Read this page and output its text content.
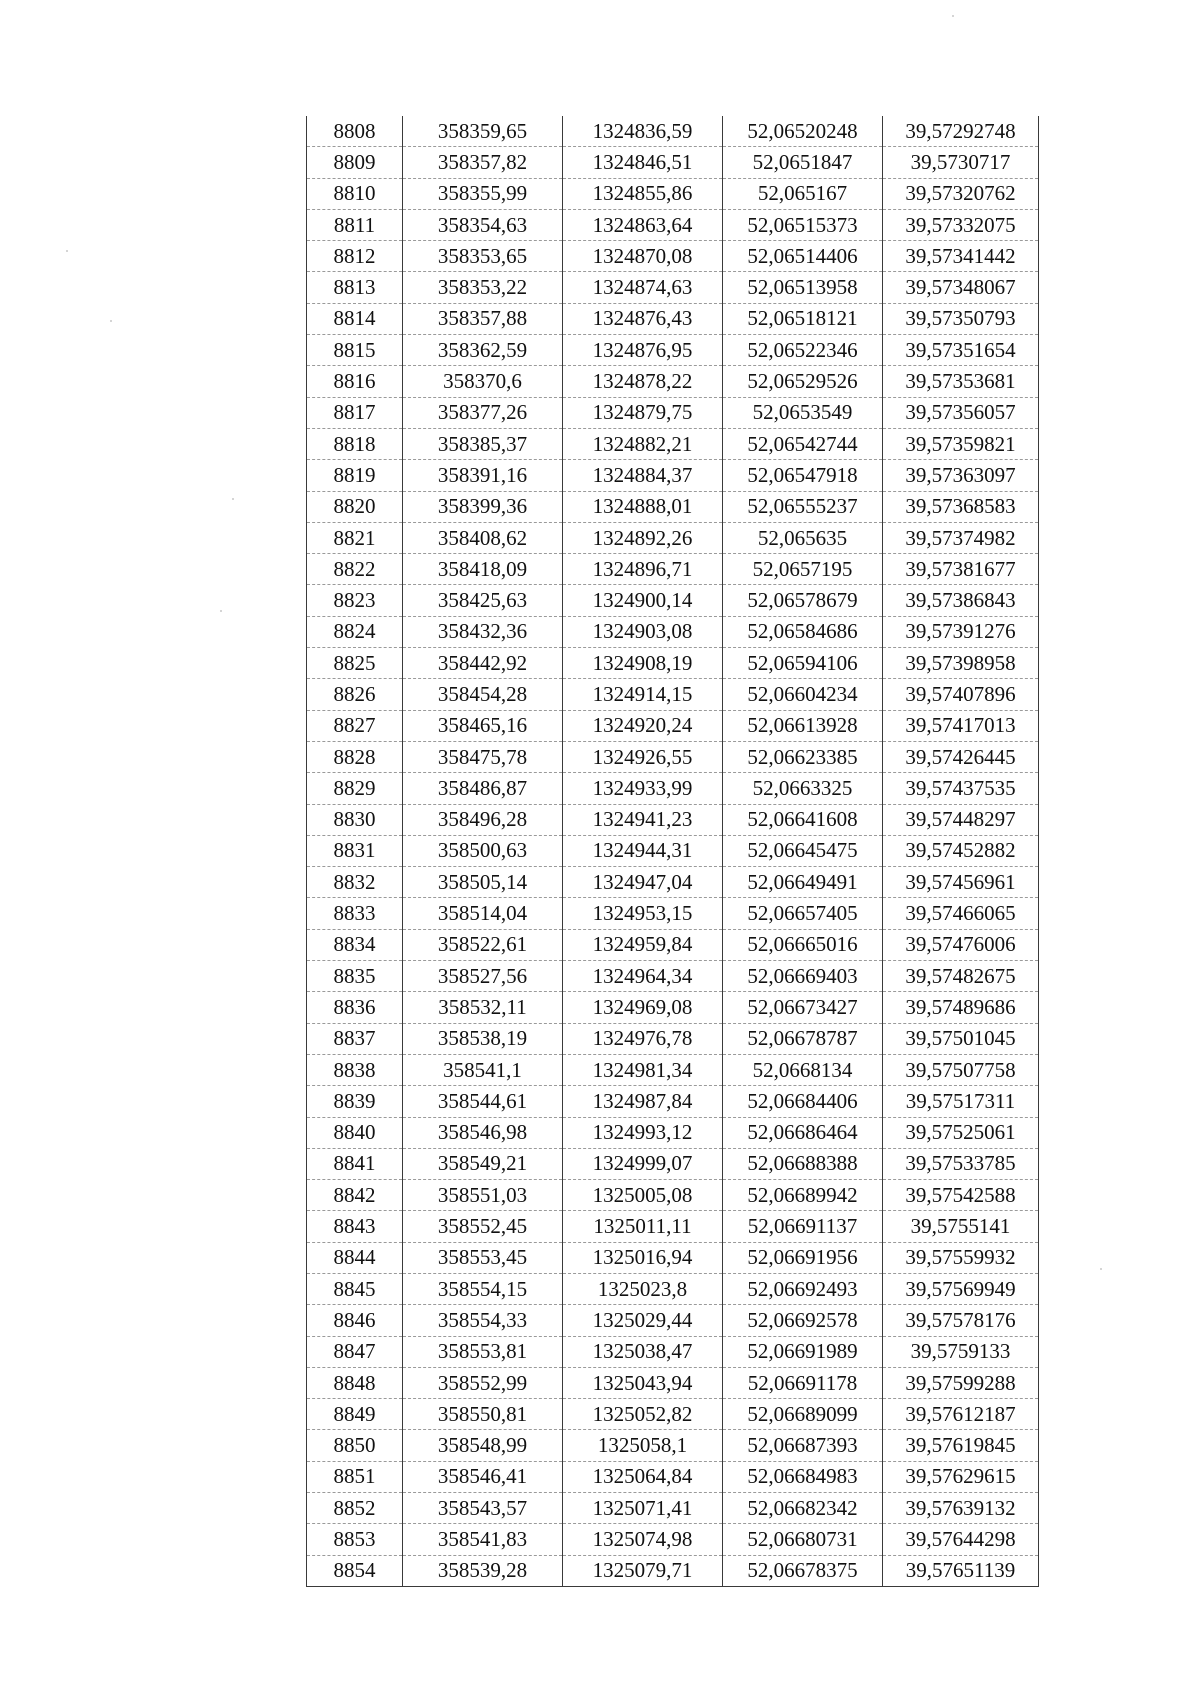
8808	358359,65	1324836,59	52,06520248	39,57292748
8809	358357,82	1324846,51	52,0651847	39,5730717
8810	358355,99	1324855,86	52,065167	39,57320762
8811	358354,63	1324863,64	52,06515373	39,57332075
8812	358353,65	1324870,08	52,06514406	39,57341442
8813	358353,22	1324874,63	52,06513958	39,57348067
8814	358357,88	1324876,43	52,06518121	39,57350793
8815	358362,59	1324876,95	52,06522346	39,57351654
8816	358370,6	1324878,22	52,06529526	39,57353681
8817	358377,26	1324879,75	52,0653549	39,57356057
8818	358385,37	1324882,21	52,06542744	39,57359821
8819	358391,16	1324884,37	52,06547918	39,57363097
8820	358399,36	1324888,01	52,06555237	39,57368583
8821	358408,62	1324892,26	52,065635	39,57374982
8822	358418,09	1324896,71	52,0657195	39,57381677
8823	358425,63	1324900,14	52,06578679	39,57386843
8824	358432,36	1324903,08	52,06584686	39,57391276
8825	358442,92	1324908,19	52,06594106	39,57398958
8826	358454,28	1324914,15	52,06604234	39,57407896
8827	358465,16	1324920,24	52,06613928	39,57417013
8828	358475,78	1324926,55	52,06623385	39,57426445
8829	358486,87	1324933,99	52,0663325	39,57437535
8830	358496,28	1324941,23	52,06641608	39,57448297
8831	358500,63	1324944,31	52,06645475	39,57452882
8832	358505,14	1324947,04	52,06649491	39,57456961
8833	358514,04	1324953,15	52,06657405	39,57466065
8834	358522,61	1324959,84	52,06665016	39,57476006
8835	358527,56	1324964,34	52,06669403	39,57482675
8836	358532,11	1324969,08	52,06673427	39,57489686
8837	358538,19	1324976,78	52,06678787	39,57501045
8838	358541,1	1324981,34	52,0668134	39,57507758
8839	358544,61	1324987,84	52,06684406	39,57517311
8840	358546,98	1324993,12	52,06686464	39,57525061
8841	358549,21	1324999,07	52,06688388	39,57533785
8842	358551,03	1325005,08	52,06689942	39,57542588
8843	358552,45	1325011,11	52,06691137	39,5755141
8844	358553,45	1325016,94	52,06691956	39,57559932
8845	358554,15	1325023,8	52,06692493	39,57569949
8846	358554,33	1325029,44	52,06692578	39,57578176
8847	358553,81	1325038,47	52,06691989	39,5759133
8848	358552,99	1325043,94	52,06691178	39,57599288
8849	358550,81	1325052,82	52,06689099	39,57612187
8850	358548,99	1325058,1	52,06687393	39,57619845
8851	358546,41	1325064,84	52,06684983	39,57629615
8852	358543,57	1325071,41	52,06682342	39,57639132
8853	358541,83	1325074,98	52,06680731	39,57644298
8854	358539,28	1325079,71	52,06678375	39,57651139
